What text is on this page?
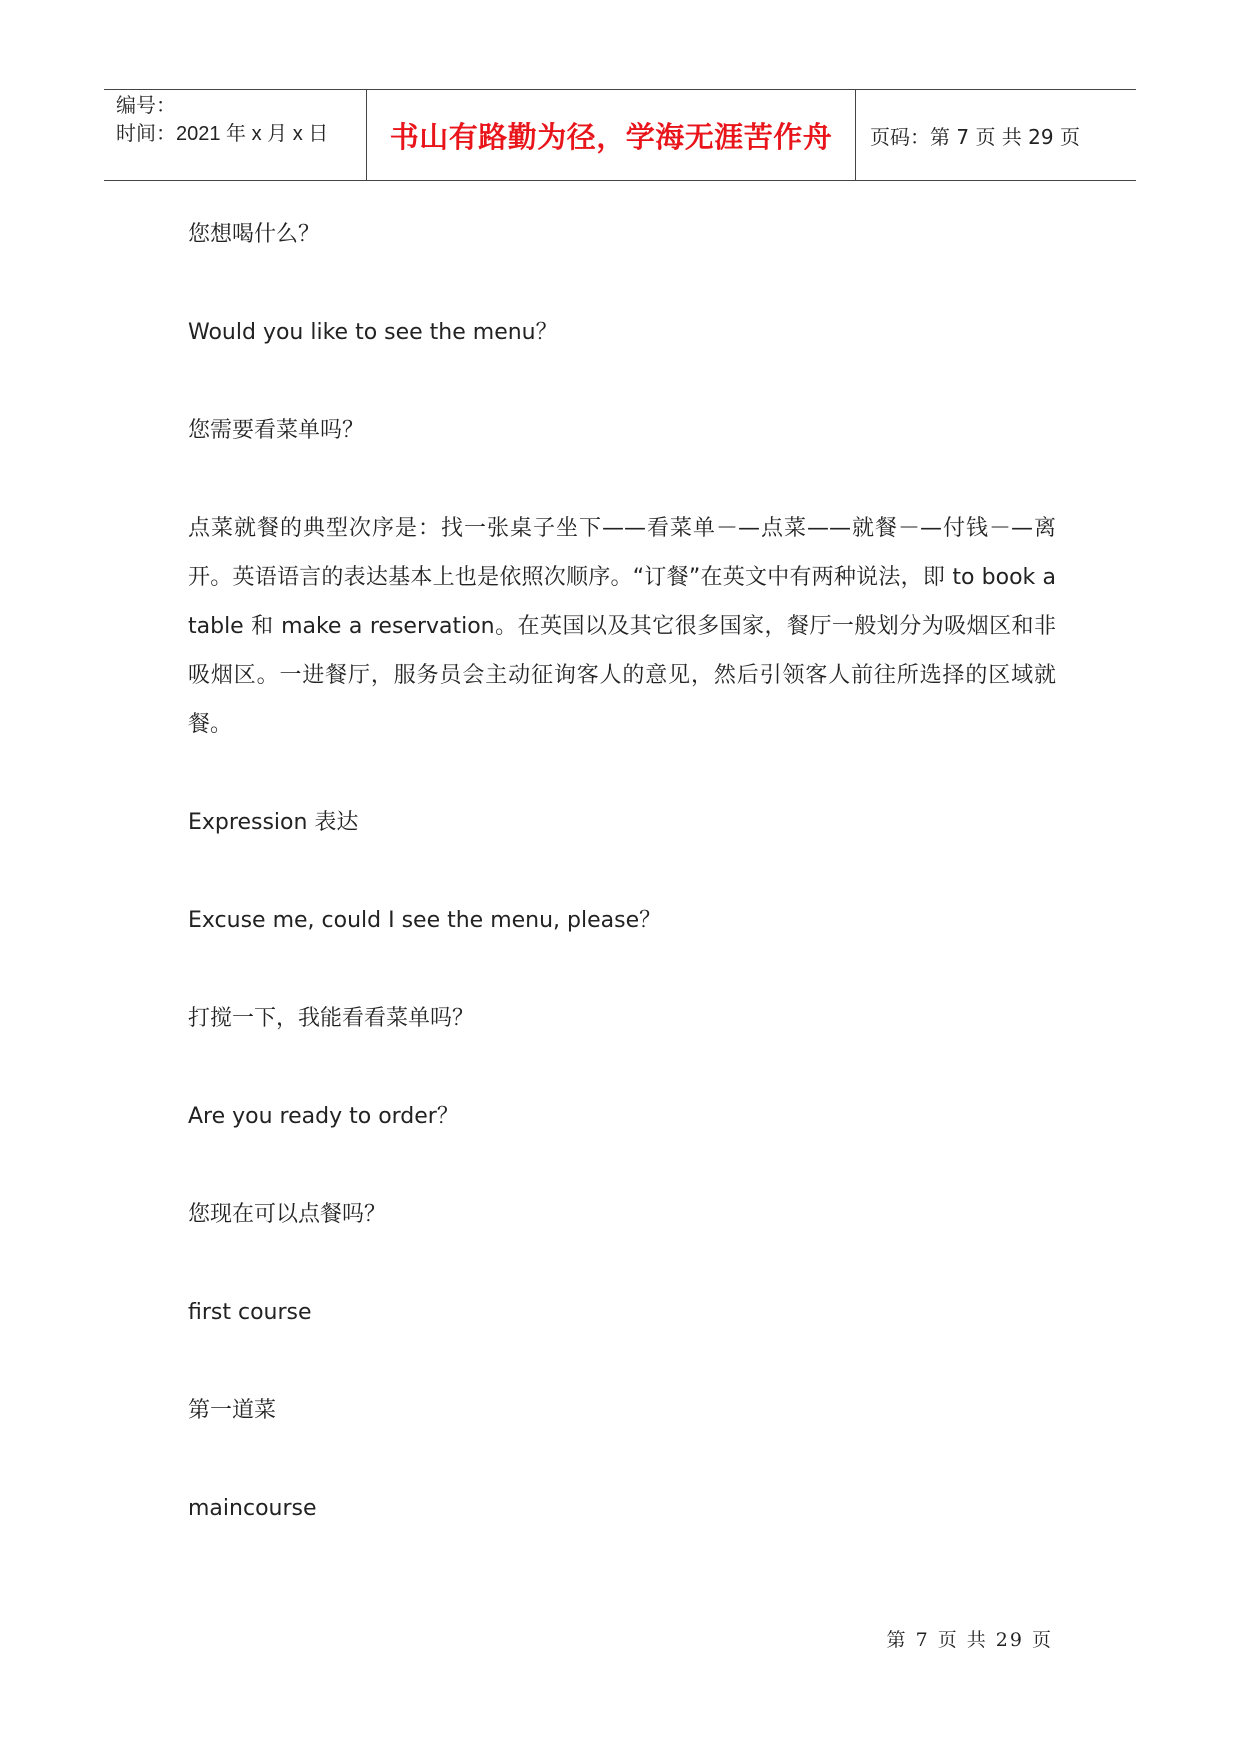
编号：
时间：2021 年 x 月 x 日	书山有路勤为径，学海无涯苦作舟	页码：第 7 页 共 29 页

您想喝什么？

Would you like to see the menu？

您需要看菜单吗？

点菜就餐的典型次序是：找一张桌子坐下——看菜单－—点菜——就餐－—付钱－—离开。英语语言的表达基本上也是依照次顺序。“订餐”在英文中有两种说法，即 to book a table 和 make a reservation。在英国以及其它很多国家，餐厅一般划分为吸烟区和非吸烟区。一进餐厅，服务员会主动征询客人的意见，然后引领客人前往所选择的区域就餐。

Expression 表达

Excuse me, could I see the menu, please？

打搅一下，我能看看菜单吗？

Are you ready to order？

您现在可以点餐吗？

first course

第一道菜

maincourse

第 7 页 共 29 页
